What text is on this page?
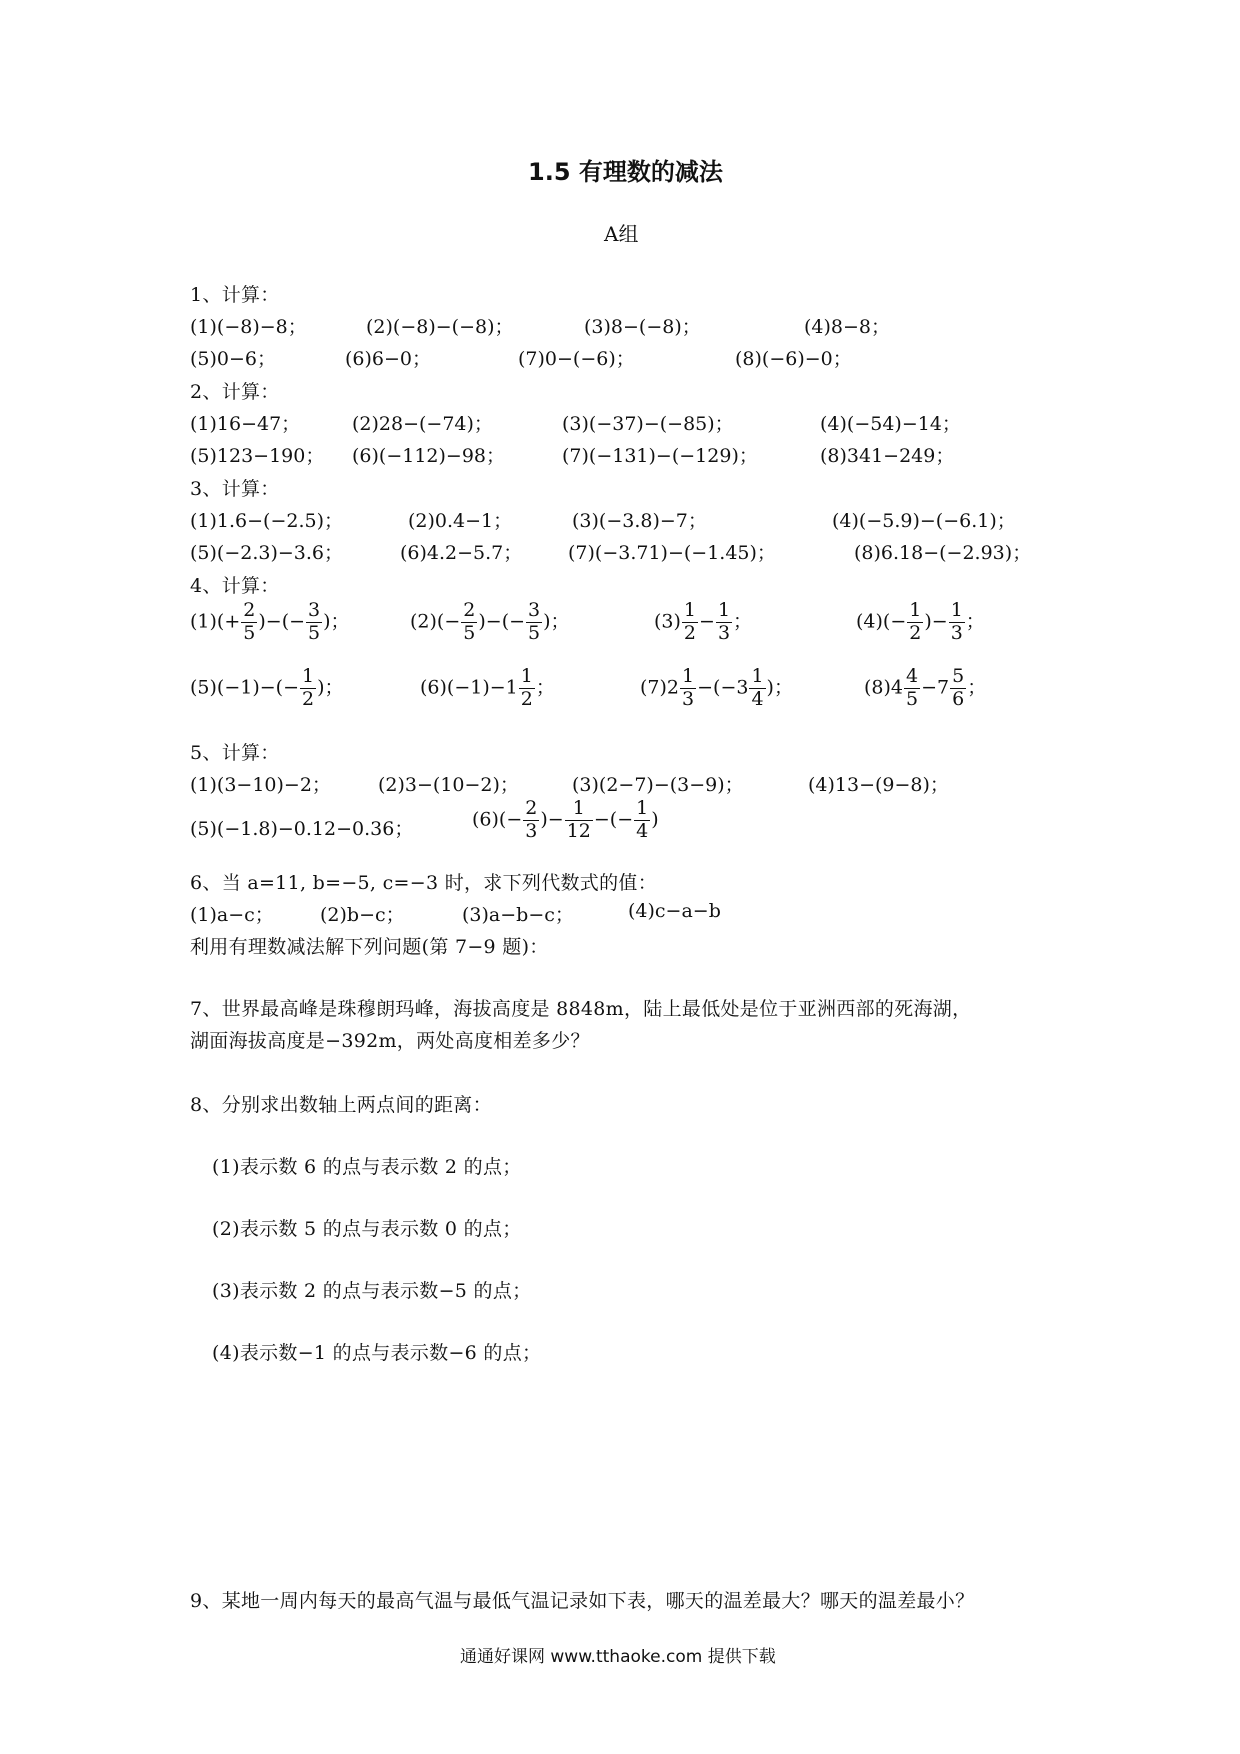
1.5 有理数的减法
A组
1、计算：
(1)(−8)−8；	(2)(−8)−(−8)；	(3)8−(−8)；	(4)8−8；
(5)0−6；	(6)6−0；	(7)0−(−6)；	(8)(−6)−0；
2、计算：
(1)16−47；	(2)28−(−74)；	(3)(−37)−(−85)；	(4)(−54)−14；
(5)123−190； (6)(−112)−98；	(7)(−131)−(−129)；	(8)341−249；
3、计算：
(1)1.6−(−2.5)；	(2)0.4−1；	(3)(−3.8)−7；	(4)(−5.9)−(−6.1)；
(5)(−2.3)−3.6；	(6)4.2−5.7； (7)(−3.71)−(−1.45)；	(8)6.18−(−2.93)；
4、计算：
$(1)(+ \frac{2}{5}$ )−(− $\frac{3}{5}$ )；	$(2)(- \frac{2}{5}$ )−(− $\frac{3}{5}$ )；	$(3) \frac{1}{2} - \frac{1}{3}$ ；	$(4)(- \frac{1}{2}$ )− $\frac{1}{3}$ ；
$(5)(-1)-(- \frac{1}{2}$ )；	$(6)(-1)-1 \frac{1}{2}$ ；	$(7)2 \frac{1}{3} -(-3 \frac{1}{4}$ )；	$(8)4 \frac{4}{5} -7 \frac{5}{6}$ ；
5、计算：
(1)(3−10)−2； (2)3−(10−2)；	(3)(2−7)−(3−9)；	(4)13−(9−8)；
(5)(−1.8)−0.12−0.36；	$(6)(- \frac{2}{3}$ )− $\frac{1}{12}$ −(− $\frac{1}{4}$ )
6、当 a=11, b=−5, c=−3 时，求下列代数式的值：
(1)a−c； (2)b−c；	(3)a−b−c；	(4)c−a−b
利用有理数减法解下列问题(第 7−9 题)：
7、世界最高峰是珠穆朗玛峰，海拔高度是 8848m，陆上最低处是位于亚洲西部的死海湖，
湖面海拔高度是−392m，两处高度相差多少？
8、分别求出数轴上两点间的距离：
(1)表示数 6 的点与表示数 2 的点；
(2)表示数 5 的点与表示数 0 的点；
(3)表示数 2 的点与表示数−5 的点；
(4)表示数−1 的点与表示数−6 的点；
9、某地一周内每天的最高气温与最低气温记录如下表，哪天的温差最大？哪天的温差最小？
通通好课网 www.tthaoke.com 提供下载
